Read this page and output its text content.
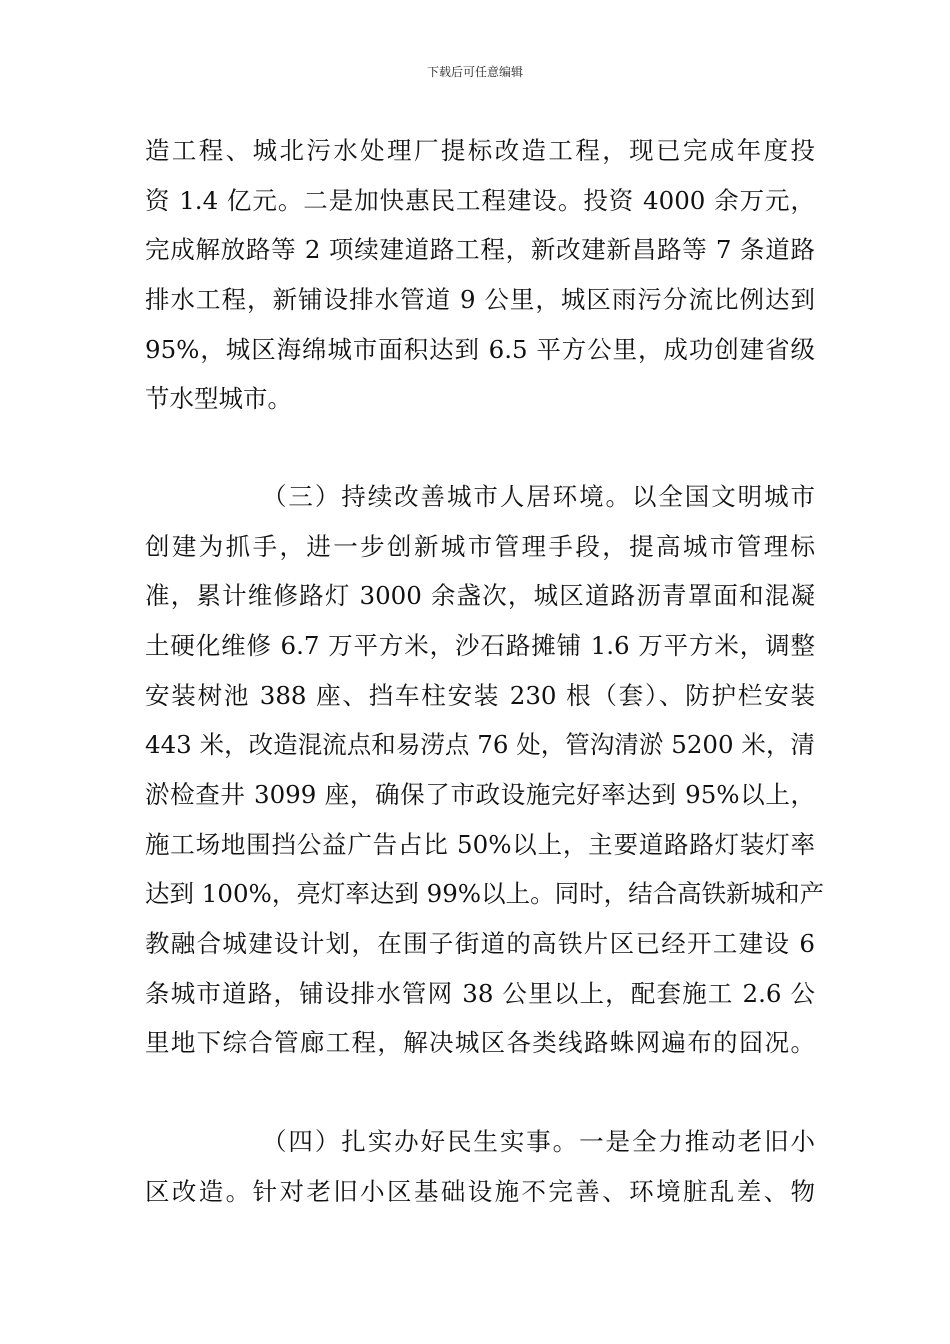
下载后可任意编辑
造工程、城北污水处理厂提标改造工程，现已完成年度投
资 1.4 亿元。二是加快惠民工程建设。投资 4000 余万元，
完成解放路等 2 项续建道路工程，新改建新昌路等 7 条道路
排水工程，新铺设排水管道 9 公里，城区雨污分流比例达到
95%，城区海绵城市面积达到 6.5 平方公里，成功创建省级
节水型城市。
（三）持续改善城市人居环境。以全国文明城市
创建为抓手，进一步创新城市管理手段，提高城市管理标
准，累计维修路灯 3000 余盏次，城区道路沥青罩面和混凝
土硬化维修 6.7 万平方米，沙石路摊铺 1.6 万平方米，调整
安装树池 388 座、挡车柱安装 230 根（套）、防护栏安装
443 米，改造混流点和易涝点 76 处，管沟清淤 5200 米，清
淤检查井 3099 座，确保了市政设施完好率达到 95%以上，
施工场地围挡公益广告占比 50%以上，主要道路路灯装灯率
达到 100%，亮灯率达到 99%以上。同时，结合高铁新城和产
教融合城建设计划，在围子街道的高铁片区已经开工建设 6
条城市道路，铺设排水管网 38 公里以上，配套施工 2.6 公
里地下综合管廊工程，解决城区各类线路蛛网遍布的囧况。
（四）扎实办好民生实事。一是全力推动老旧小
区改造。针对老旧小区基础设施不完善、环境脏乱差、物
